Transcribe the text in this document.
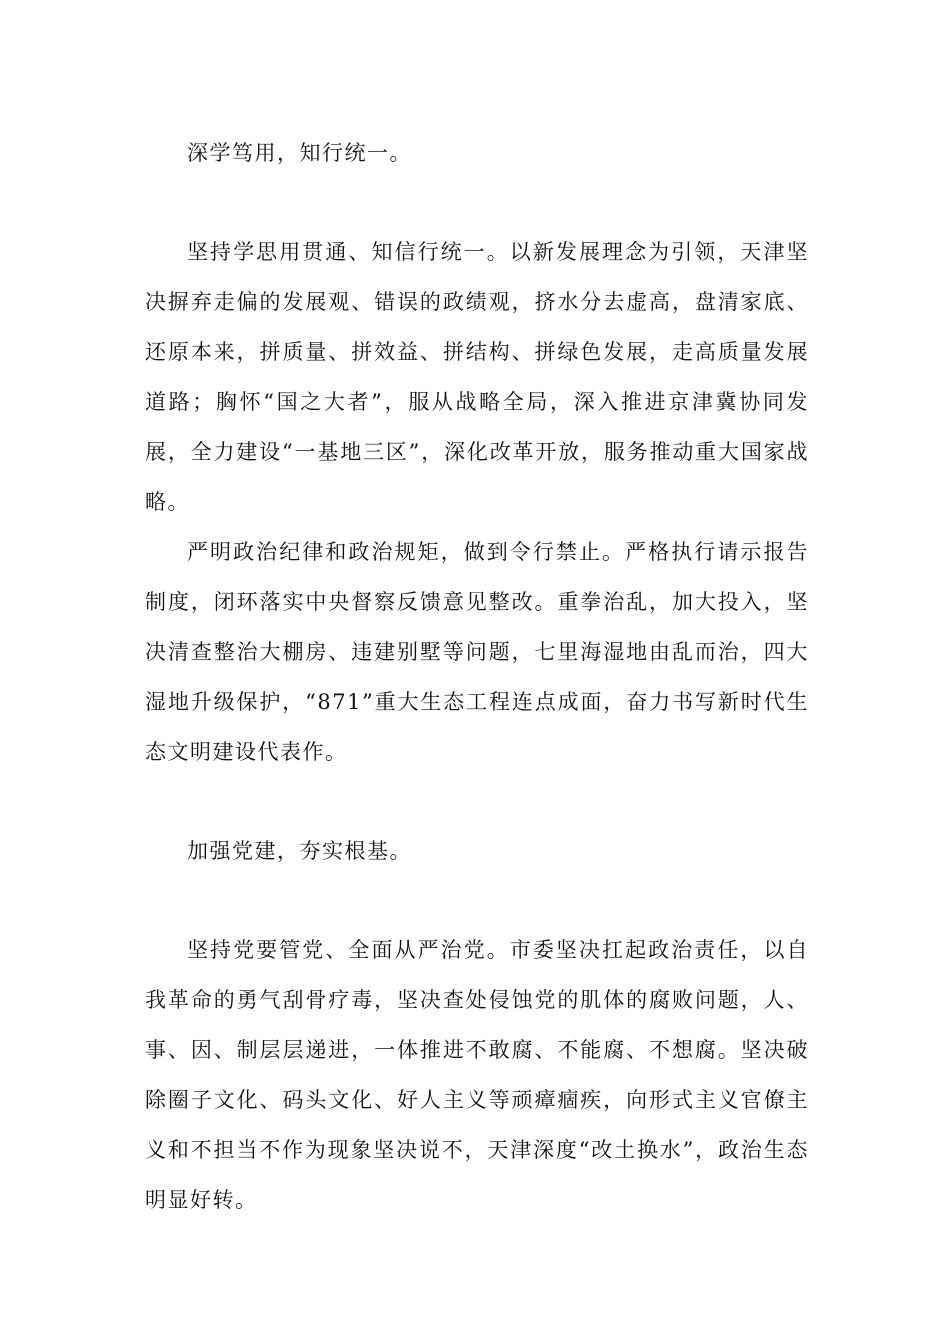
深学笃用，知行统一。

坚持学思用贯通、知信行统一。以新发展理念为引领，天津坚决摒弃走偏的发展观、错误的政绩观，挤水分去虚高，盘清家底、还原本来，拼质量、拼效益、拼结构、拼绿色发展，走高质量发展道路；胸怀“国之大者”，服从战略全局，深入推进京津冀协同发展，全力建设“一基地三区”，深化改革开放，服务推动重大国家战略。

严明政治纪律和政治规矩，做到令行禁止。严格执行请示报告制度，闭环落实中央督察反馈意见整改。重拳治乱，加大投入，坚决清查整治大棚房、违建别墅等问题，七里海湿地由乱而治，四大湿地升级保护，“871”重大生态工程连点成面，奋力书写新时代生态文明建设代表作。

加强党建，夯实根基。

坚持党要管党、全面从严治党。市委坚决扛起政治责任，以自我革命的勇气刮骨疗毒，坚决查处侵蚀党的肌体的腐败问题，人、事、因、制层层递进，一体推进不敢腐、不能腐、不想腐。坚决破除圈子文化、码头文化、好人主义等顽瘴痼疾，向形式主义官僚主义和不担当不作为现象坚决说不，天津深度“改土换水”，政治生态明显好转。
